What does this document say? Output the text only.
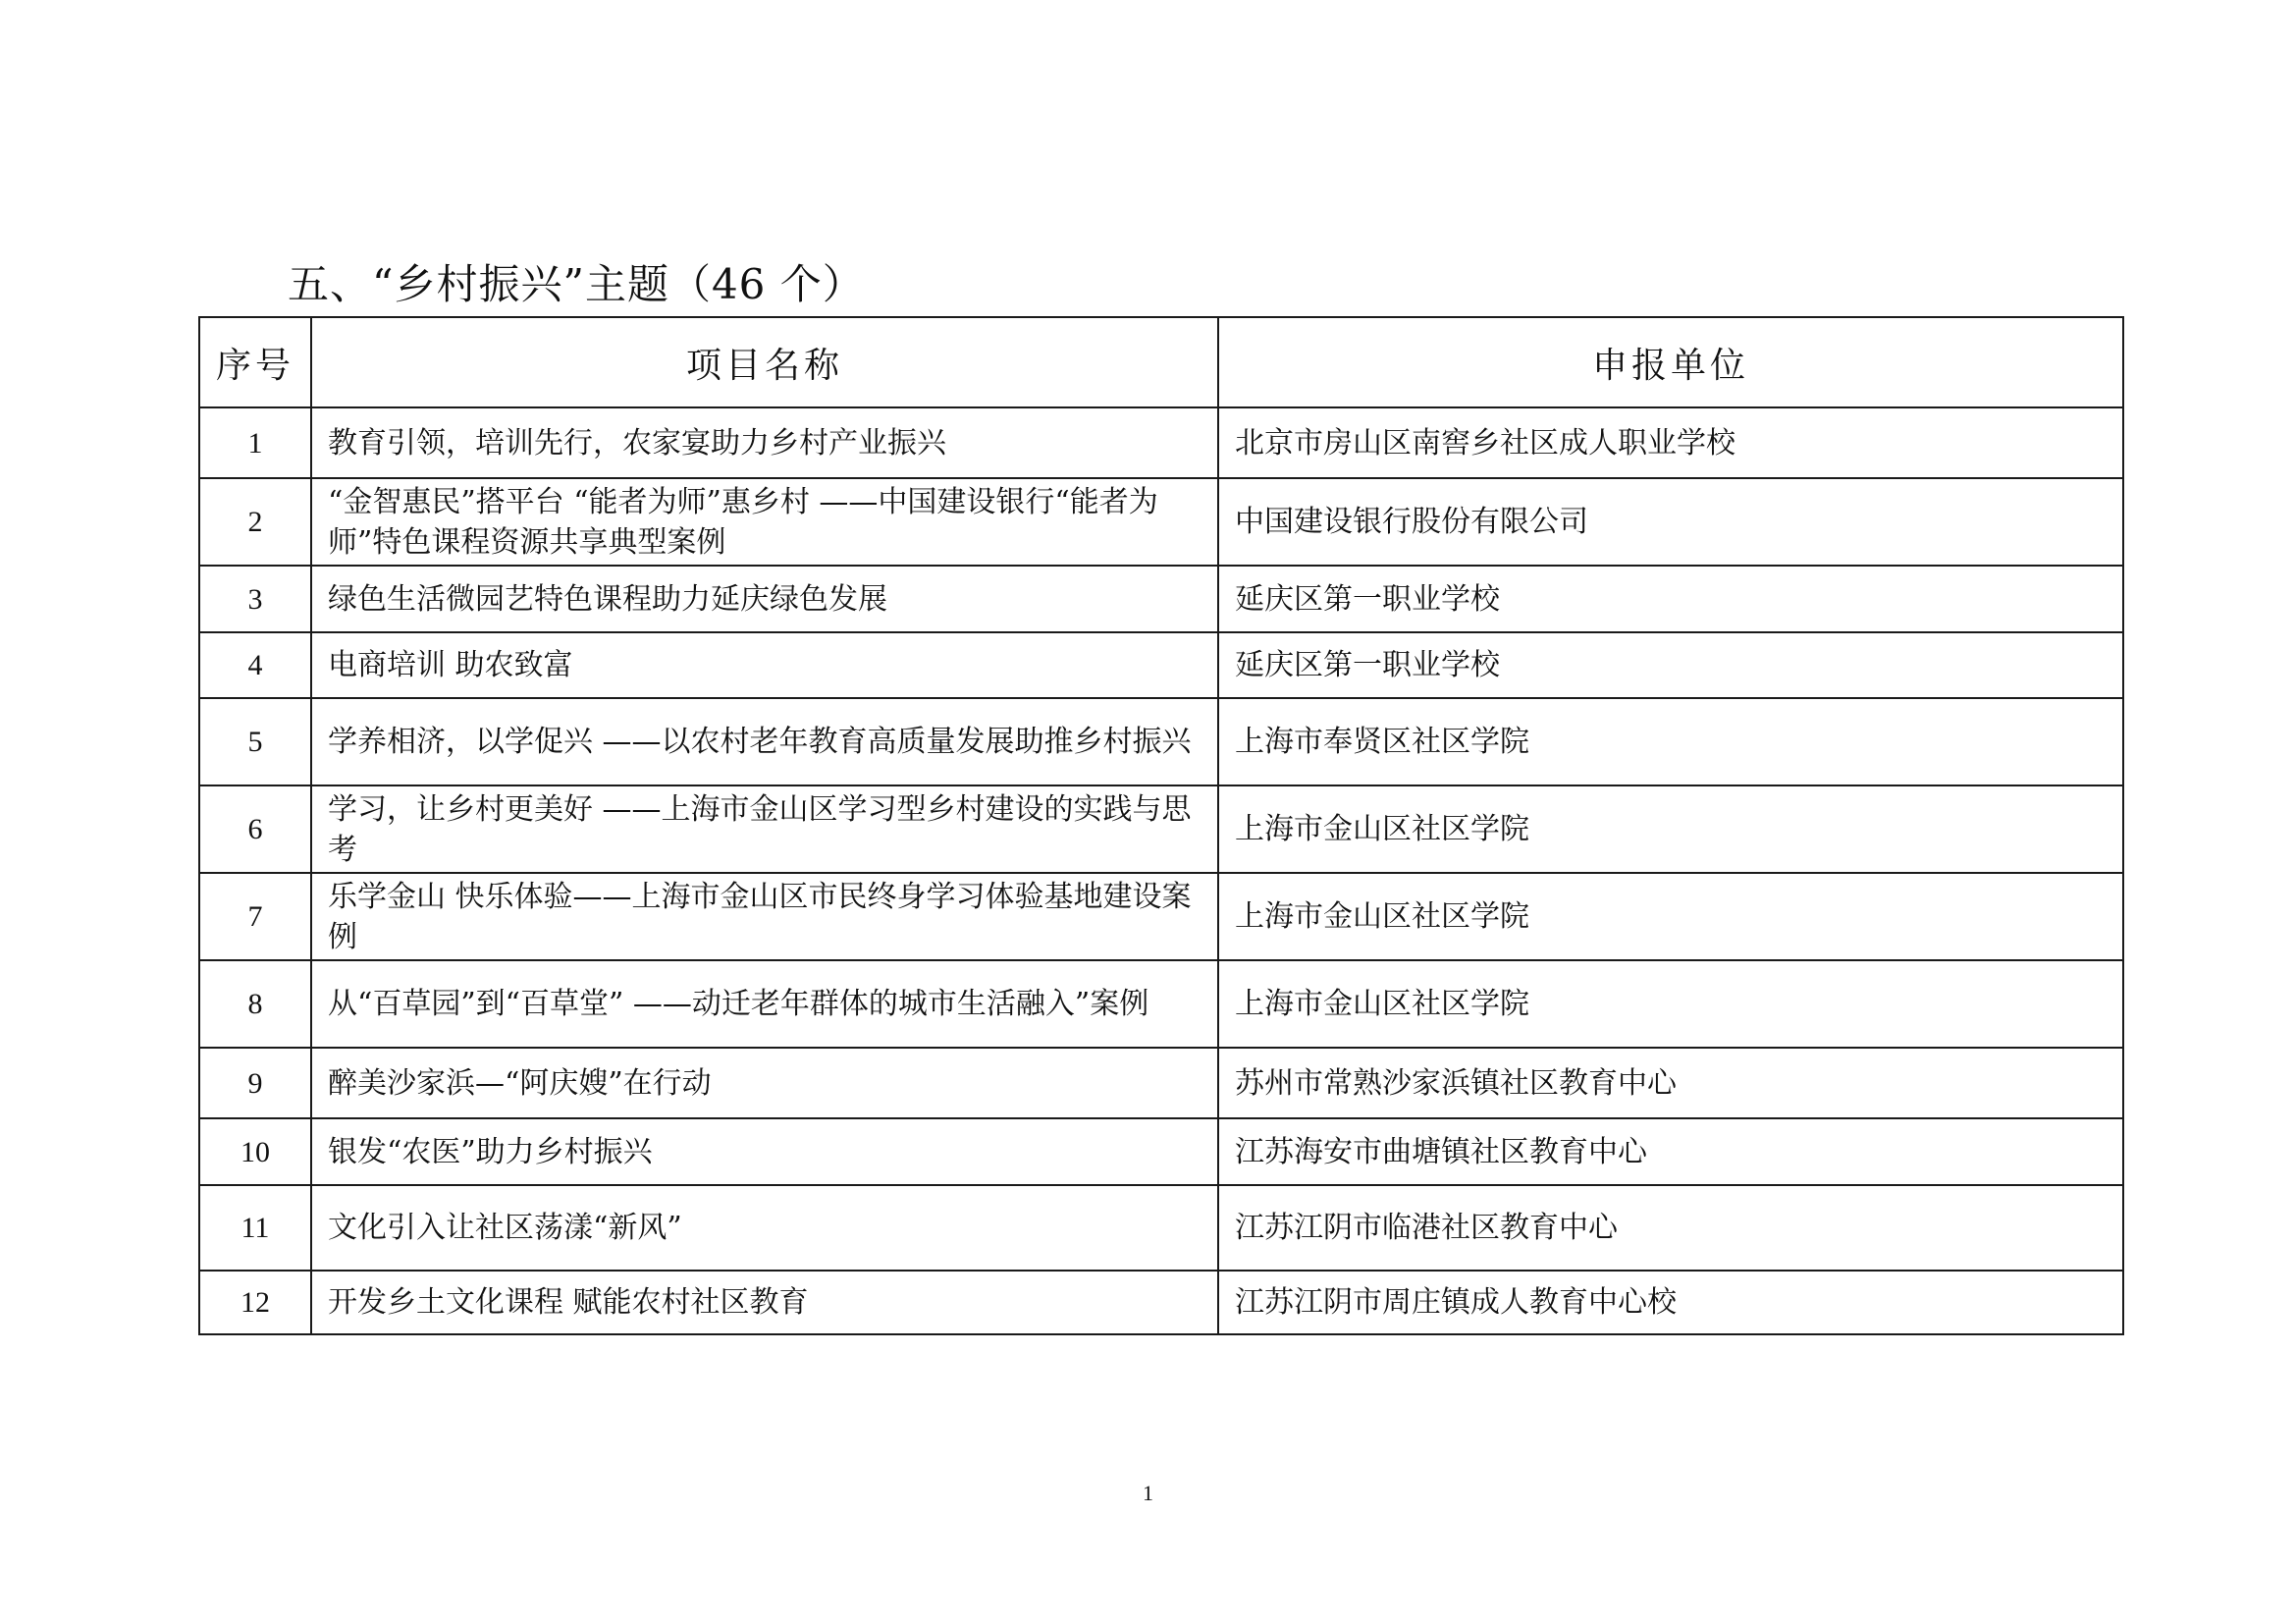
五、“乡村振兴”主题（46 个）
序号	项目名称	申报单位
1	教育引领，培训先行，农家宴助力乡村产业振兴	北京市房山区南窖乡社区成人职业学校
2	“金智惠民”搭平台 “能者为师”惠乡村 ——中国建设银行“能者为师”特色课程资源共享典型案例	中国建设银行股份有限公司
3	绿色生活微园艺特色课程助力延庆绿色发展	延庆区第一职业学校
4	电商培训 助农致富	延庆区第一职业学校
5	学养相济，以学促兴 ——以农村老年教育高质量发展助推乡村振兴	上海市奉贤区社区学院
6	学习，让乡村更美好 ——上海市金山区学习型乡村建设的实践与思考	上海市金山区社区学院
7	乐学金山 快乐体验——上海市金山区市民终身学习体验基地建设案例	上海市金山区社区学院
8	从“百草园”到“百草堂” ——动迁老年群体的城市生活融入”案例	上海市金山区社区学院
9	醉美沙家浜—“阿庆嫂”在行动	苏州市常熟沙家浜镇社区教育中心
10	银发“农医”助力乡村振兴	江苏海安市曲塘镇社区教育中心
11	文化引入让社区荡漾“新风”	江苏江阴市临港社区教育中心
12	开发乡土文化课程 赋能农村社区教育	江苏江阴市周庄镇成人教育中心校
1
